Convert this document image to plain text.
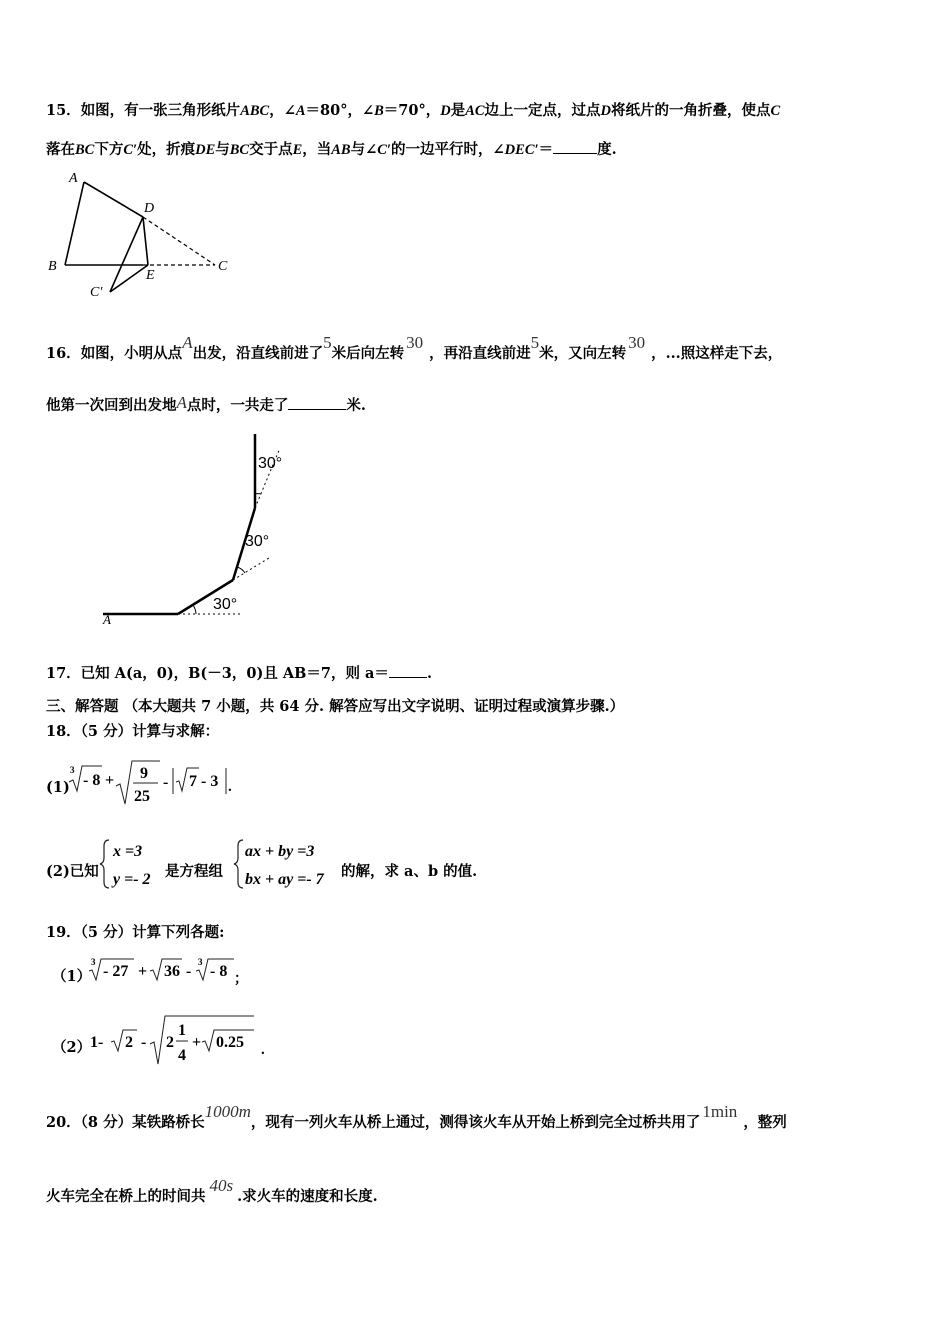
15．如图，有一张三角形纸片ABC，∠A＝80°，∠B＝70°，D是AC边上一定点，过点D将纸片的一角折叠，使点C
落在BC下方C′处，折痕DE与BC交于点E，当AB与∠C′的一边平行时，∠DEC′＝	度.
A
B	C
D
E
C′
16．如图，小明从点A出发，沿直线前进了5米后向左转30，再沿直线前进5米，又向左转30，...照这样走下去，
他第一次回到出发地A点时，一共走了	米.
30°
30°
30°
A
17．已知 A(a，0)，B(－3，0)且 AB＝7，则 a＝	.
三、解答题 （本大题共 7 小题，共 64 分. 解答应写出文字说明、证明过程或演算步骤.）
18．（5 分）计算与求解：
(1)
3
- 8 + 9
25
- 7 - 3 .
(2)已知
x =3
y =- 2 是方程组
ax + by =3
bx + ay =- 7 的解，求 a、b 的值.
19．（5 分）计算下列各题:
（1）
3
- 27 + 36 -
3
- 8 ；
（2）
1- 2 - 2
1
4
+ 0.25 .
20．（8 分）某铁路桥长1000m，现有一列火车从桥上通过，测得该火车从开始上桥到完全过桥共用了1min，整列
火车完全在桥上的时间共40s.求火车的速度和长度.
